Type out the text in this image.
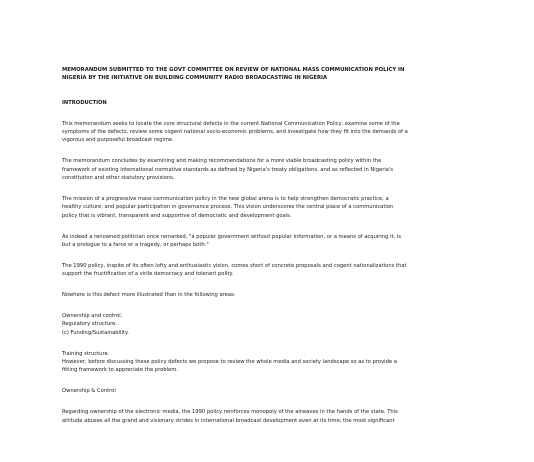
MEMORANDUM SUBMITTED TO THE GOVT COMMITTEE ON REVIEW OF NATIONAL MASS COMMUNICATION POLICY IN
NIGERIA BY THE INITIATIVE ON BUILDING COMMUNITY RADIO BROADCASTING IN NIGERIA
INTRODUCTION
This memorandum seeks to locate the core structural defects in the current National Communication Policy, examine some of the
symptoms of the defects, review some cogent national socio-economic problems, and investigate how they fit into the demands of a
vigorous and purposeful broadcast regime.
The memorandum concludes by examining and making recommendations for a more viable broadcasting policy within the
framework of existing international normative standards as defined by Nigeria's treaty obligations, and as reflected in Nigeria's
constitution and other statutory provisions.
The mission of a progressive mass communication policy in the new global arena is to help strengthen democratic practice, a
healthy culture, and popular participation in governance process. This vision underscores the central place of a communication
policy that is vibrant, transparent and supportive of democratic and development goals.
As indeed a renowned politician once remarked, "a popular government without popular information, or a means of acquiring it, is
but a prologue to a farce or a tragedy, or perhaps both."
The 1990 policy, inspite of its often lofty and enthusiastic vision, comes short of concrete proposals and cogent nationalizations that
support the fructification of a virile democracy and tolerant polity.
Nowhere is this defect more illustrated than in the following areas:
Ownership and control.
Regulatory structure.
(c) Funding/Sustainability.
Training structure.
However, before discussing these policy defects we propose to review the whole media and society landscape so as to provide a
fitting framework to appreciate the problem.
Ownership & Control
Regarding ownership of the electronic media, the 1990 policy reinforces monopoly of the airwaves in the hands of the state. This
attitude abuses all the grand and visionary strides in international broadcast development even at its time; the most significant
